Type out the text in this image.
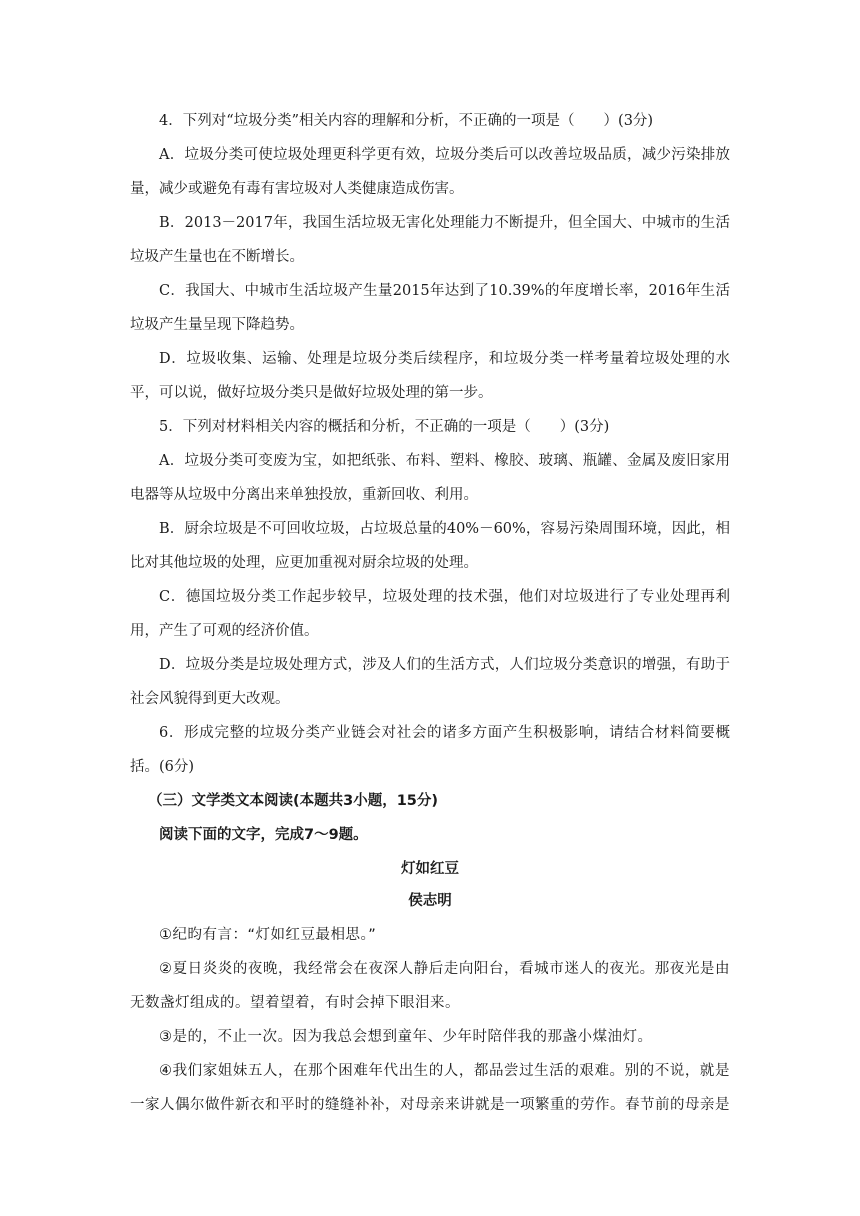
4．下列对“垃圾分类”相关内容的理解和分析，不正确的一项是（　　）(3分)

A．垃圾分类可使垃圾处理更科学更有效，垃圾分类后可以改善垃圾品质，减少污染排放量，减少或避免有毒有害垃圾对人类健康造成伤害。

B．2013－2017年，我国生活垃圾无害化处理能力不断提升，但全国大、中城市的生活垃圾产生量也在不断增长。

C．我国大、中城市生活垃圾产生量2015年达到了10.39%的年度增长率，2016年生活垃圾产生量呈现下降趋势。

D．垃圾收集、运输、处理是垃圾分类后续程序，和垃圾分类一样考量着垃圾处理的水平，可以说，做好垃圾分类只是做好垃圾处理的第一步。

5．下列对材料相关内容的概括和分析，不正确的一项是（　　）(3分)

A．垃圾分类可变废为宝，如把纸张、布料、塑料、橡胶、玻璃、瓶罐、金属及废旧家用电器等从垃圾中分离出来单独投放，重新回收、利用。

B．厨余垃圾是不可回收垃圾，占垃圾总量的40%－60%，容易污染周围环境，因此，相比对其他垃圾的处理，应更加重视对厨余垃圾的处理。

C．德国垃圾分类工作起步较早，垃圾处理的技术强，他们对垃圾进行了专业处理再利用，产生了可观的经济价值。

D．垃圾分类是垃圾处理方式，涉及人们的生活方式，人们垃圾分类意识的增强，有助于社会风貌得到更大改观。

6．形成完整的垃圾分类产业链会对社会的诸多方面产生积极影响，请结合材料简要概括。(6分)

（三）文学类文本阅读(本题共3小题，15分)

阅读下面的文字，完成7～9题。

灯如红豆

侯志明

①纪昀有言：“灯如红豆最相思。”

②夏日炎炎的夜晚，我经常会在夜深人静后走向阳台，看城市迷人的夜光。那夜光是由无数盏灯组成的。望着望着，有时会掉下眼泪来。

③是的，不止一次。因为我总会想到童年、少年时陪伴我的那盏小煤油灯。

④我们家姐妹五人，在那个困难年代出生的人，都品尝过生活的艰难。别的不说，就是一家人偶尔做件新衣和平时的缝缝补补，对母亲来讲就是一项繁重的劳作。春节前的母亲是
